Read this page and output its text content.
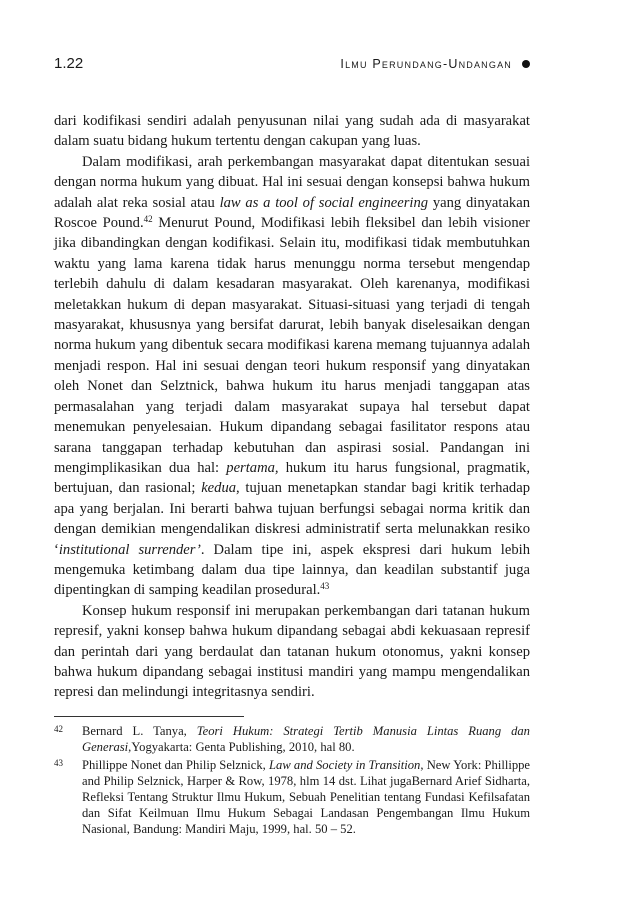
1.22	Ilmu Perundang-Undangan

dari kodifikasi sendiri adalah penyusunan nilai yang sudah ada di masyarakat dalam suatu bidang hukum tertentu dengan cakupan yang luas.

Dalam modifikasi, arah perkembangan masyarakat dapat ditentukan sesuai dengan norma hukum yang dibuat. Hal ini sesuai dengan konsepsi bahwa hukum adalah alat reka sosial atau law as a tool of social engineering yang dinyatakan Roscoe Pound.$^{42}$ Menurut Pound, Modifikasi lebih fleksibel dan lebih visioner jika dibandingkan dengan kodifikasi. Selain itu, modifikasi tidak membutuhkan waktu yang lama karena tidak harus menunggu norma tersebut mengendap terlebih dahulu di dalam kesadaran masyarakat. Oleh karenanya, modifikasi meletakkan hukum di depan masyarakat. Situasi-situasi yang terjadi di tengah masyarakat, khususnya yang bersifat darurat, lebih banyak diselesaikan dengan norma hukum yang dibentuk secara modifikasi karena memang tujuannya adalah menjadi respon. Hal ini sesuai dengan teori hukum responsif yang dinyatakan oleh Nonet dan Selztnick, bahwa hukum itu harus menjadi tanggapan atas permasalahan yang terjadi dalam masyarakat supaya hal tersebut dapat menemukan penyelesaian. Hukum dipandang sebagai fasilitator respons atau sarana tanggapan terhadap kebutuhan dan aspirasi sosial. Pandangan ini mengimplikasikan dua hal: pertama, hukum itu harus fungsional, pragmatik, bertujuan, dan rasional; kedua, tujuan menetapkan standar bagi kritik terhadap apa yang berjalan. Ini berarti bahwa tujuan berfungsi sebagai norma kritik dan dengan demikian mengendalikan diskresi administratif serta melunakkan resiko ‘institutional surrender’. Dalam tipe ini, aspek ekspresi dari hukum lebih mengemuka ketimbang dalam dua tipe lainnya, dan keadilan substantif juga dipentingkan di samping keadilan prosedural.$^{43}$

Konsep hukum responsif ini merupakan perkembangan dari tatanan hukum represif, yakni konsep bahwa hukum dipandang sebagai abdi kekuasaan represif dan perintah dari yang berdaulat dan tatanan hukum otonomus, yakni konsep bahwa hukum dipandang sebagai institusi mandiri yang mampu mengendalikan represi dan melindungi integritasnya sendiri.

42 Bernard L. Tanya, Teori Hukum: Strategi Tertib Manusia Lintas Ruang dan Generasi,Yogyakarta: Genta Publishing, 2010, hal 80.
43 Phillippe Nonet dan Philip Selznick, Law and Society in Transition, New York: Phillippe and Philip Selznick, Harper & Row, 1978, hlm 14 dst. Lihat jugaBernard Arief Sidharta, Refleksi Tentang Struktur Ilmu Hukum, Sebuah Penelitian tentang Fundasi Kefilsafatan dan Sifat Keilmuan Ilmu Hukum Sebagai Landasan Pengembangan Ilmu Hukum Nasional, Bandung: Mandiri Maju, 1999, hal. 50 – 52.
